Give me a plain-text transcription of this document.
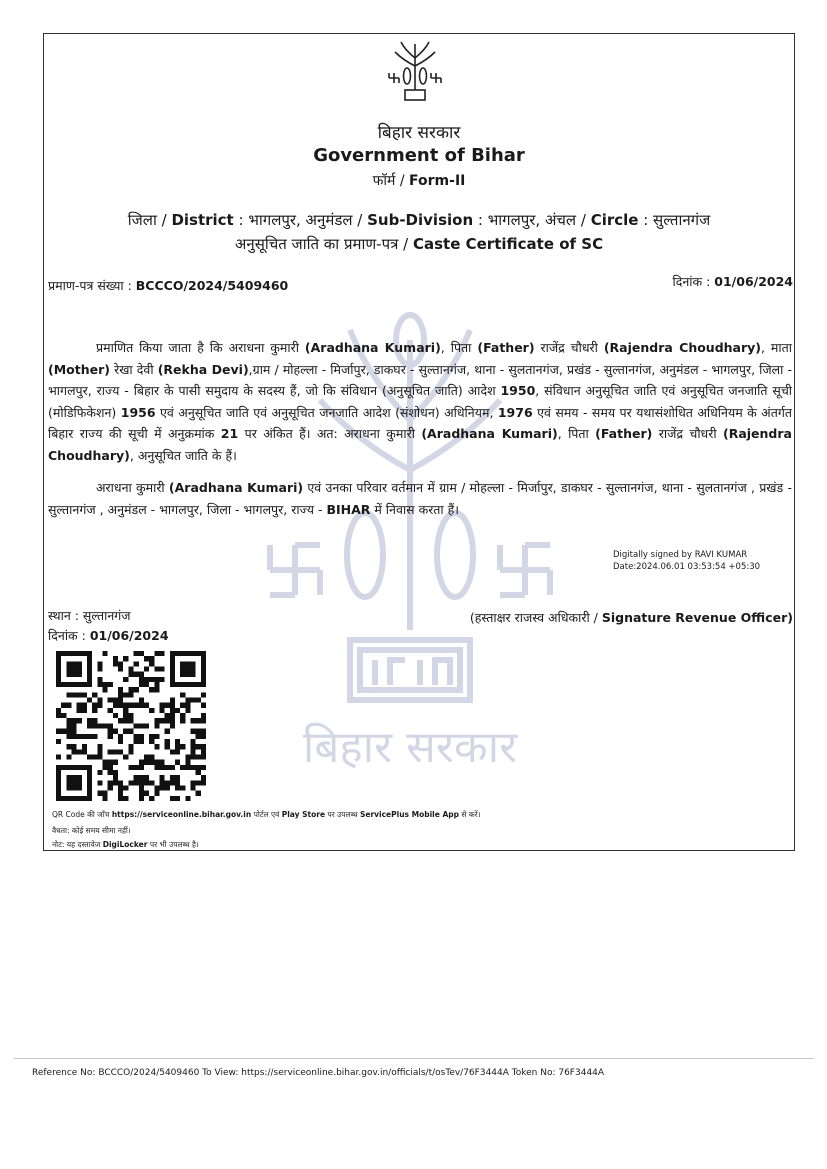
बिहार सरकार
बिहार सरकार
Government of Bihar
फॉर्म / Form-II
जिला / District : भागलपुर, अनुमंडल / Sub-Division : भागलपुर, अंचल / Circle : सुल्तानगंज
अनुसूचित जाति का प्रमाण-पत्र / Caste Certificate of SC
प्रमाण-पत्र संख्या : BCCCO/2024/5409460	दिनांक : 01/06/2024

प्रमाणित किया जाता है कि अराधना कुमारी (Aradhana Kumari), पिता (Father) राजेंद्र चौधरी (Rajendra Choudhary), माता (Mother) रेखा देवी (Rekha Devi),ग्राम / मोहल्ला - मिर्जापुर, डाकघर - सुल्तानगंज, थाना - सुलतानगंज, प्रखंड - सुल्तानगंज, अनुमंडल - भागलपुर, जिला - भागलपुर, राज्य - बिहार के पासी समुदाय के सदस्य हैं, जो कि संविधान (अनुसूचित जाति) आदेश 1950, संविधान अनुसूचित जाति एवं अनुसूचित जनजाति सूची (मोडिफिकेशन) 1956 एवं अनुसूचित जाति एवं अनुसूचित जनजाति आदेश (संशोधन) अधिनियम, 1976 एवं समय - समय पर यथासंशोधित अधिनियम के अंतर्गत बिहार राज्य की सूची में अनुक्रमांक 21 पर अंकित हैं। अत: अराधना कुमारी (Aradhana Kumari), पिता (Father) राजेंद्र चौधरी (Rajendra Choudhary), अनुसूचित जाति के हैं।

अराधना कुमारी (Aradhana Kumari) एवं उनका परिवार वर्तमान में ग्राम / मोहल्ला - मिर्जापुर, डाकघर - सुल्तानगंज, थाना - सुलतानगंज , प्रखंड - सुल्तानगंज , अनुमंडल - भागलपुर, जिला - भागलपुर, राज्य - BIHAR में निवास करता हैं।

Digitally signed by RAVI KUMAR
Date:2024.06.01 03:53:54 +05:30
स्थान : सुल्तानगंज
दिनांक : 01/06/2024
(हस्ताक्षर राजस्व अधिकारी / Signature Revenue Officer)
QR Code की जाँच https://serviceonline.bihar.gov.in पोर्टल एवं Play Store पर उपलब्ध ServicePlus Mobile App से करें।
वैधता: कोई समय सीमा नहीं।
नोट: यह दस्तावेज DigiLocker पर भी उपलब्ध है।
Reference No: BCCCO/2024/5409460 To View: https://serviceonline.bihar.gov.in/officials/t/osTev/76F3444A Token No: 76F3444A
